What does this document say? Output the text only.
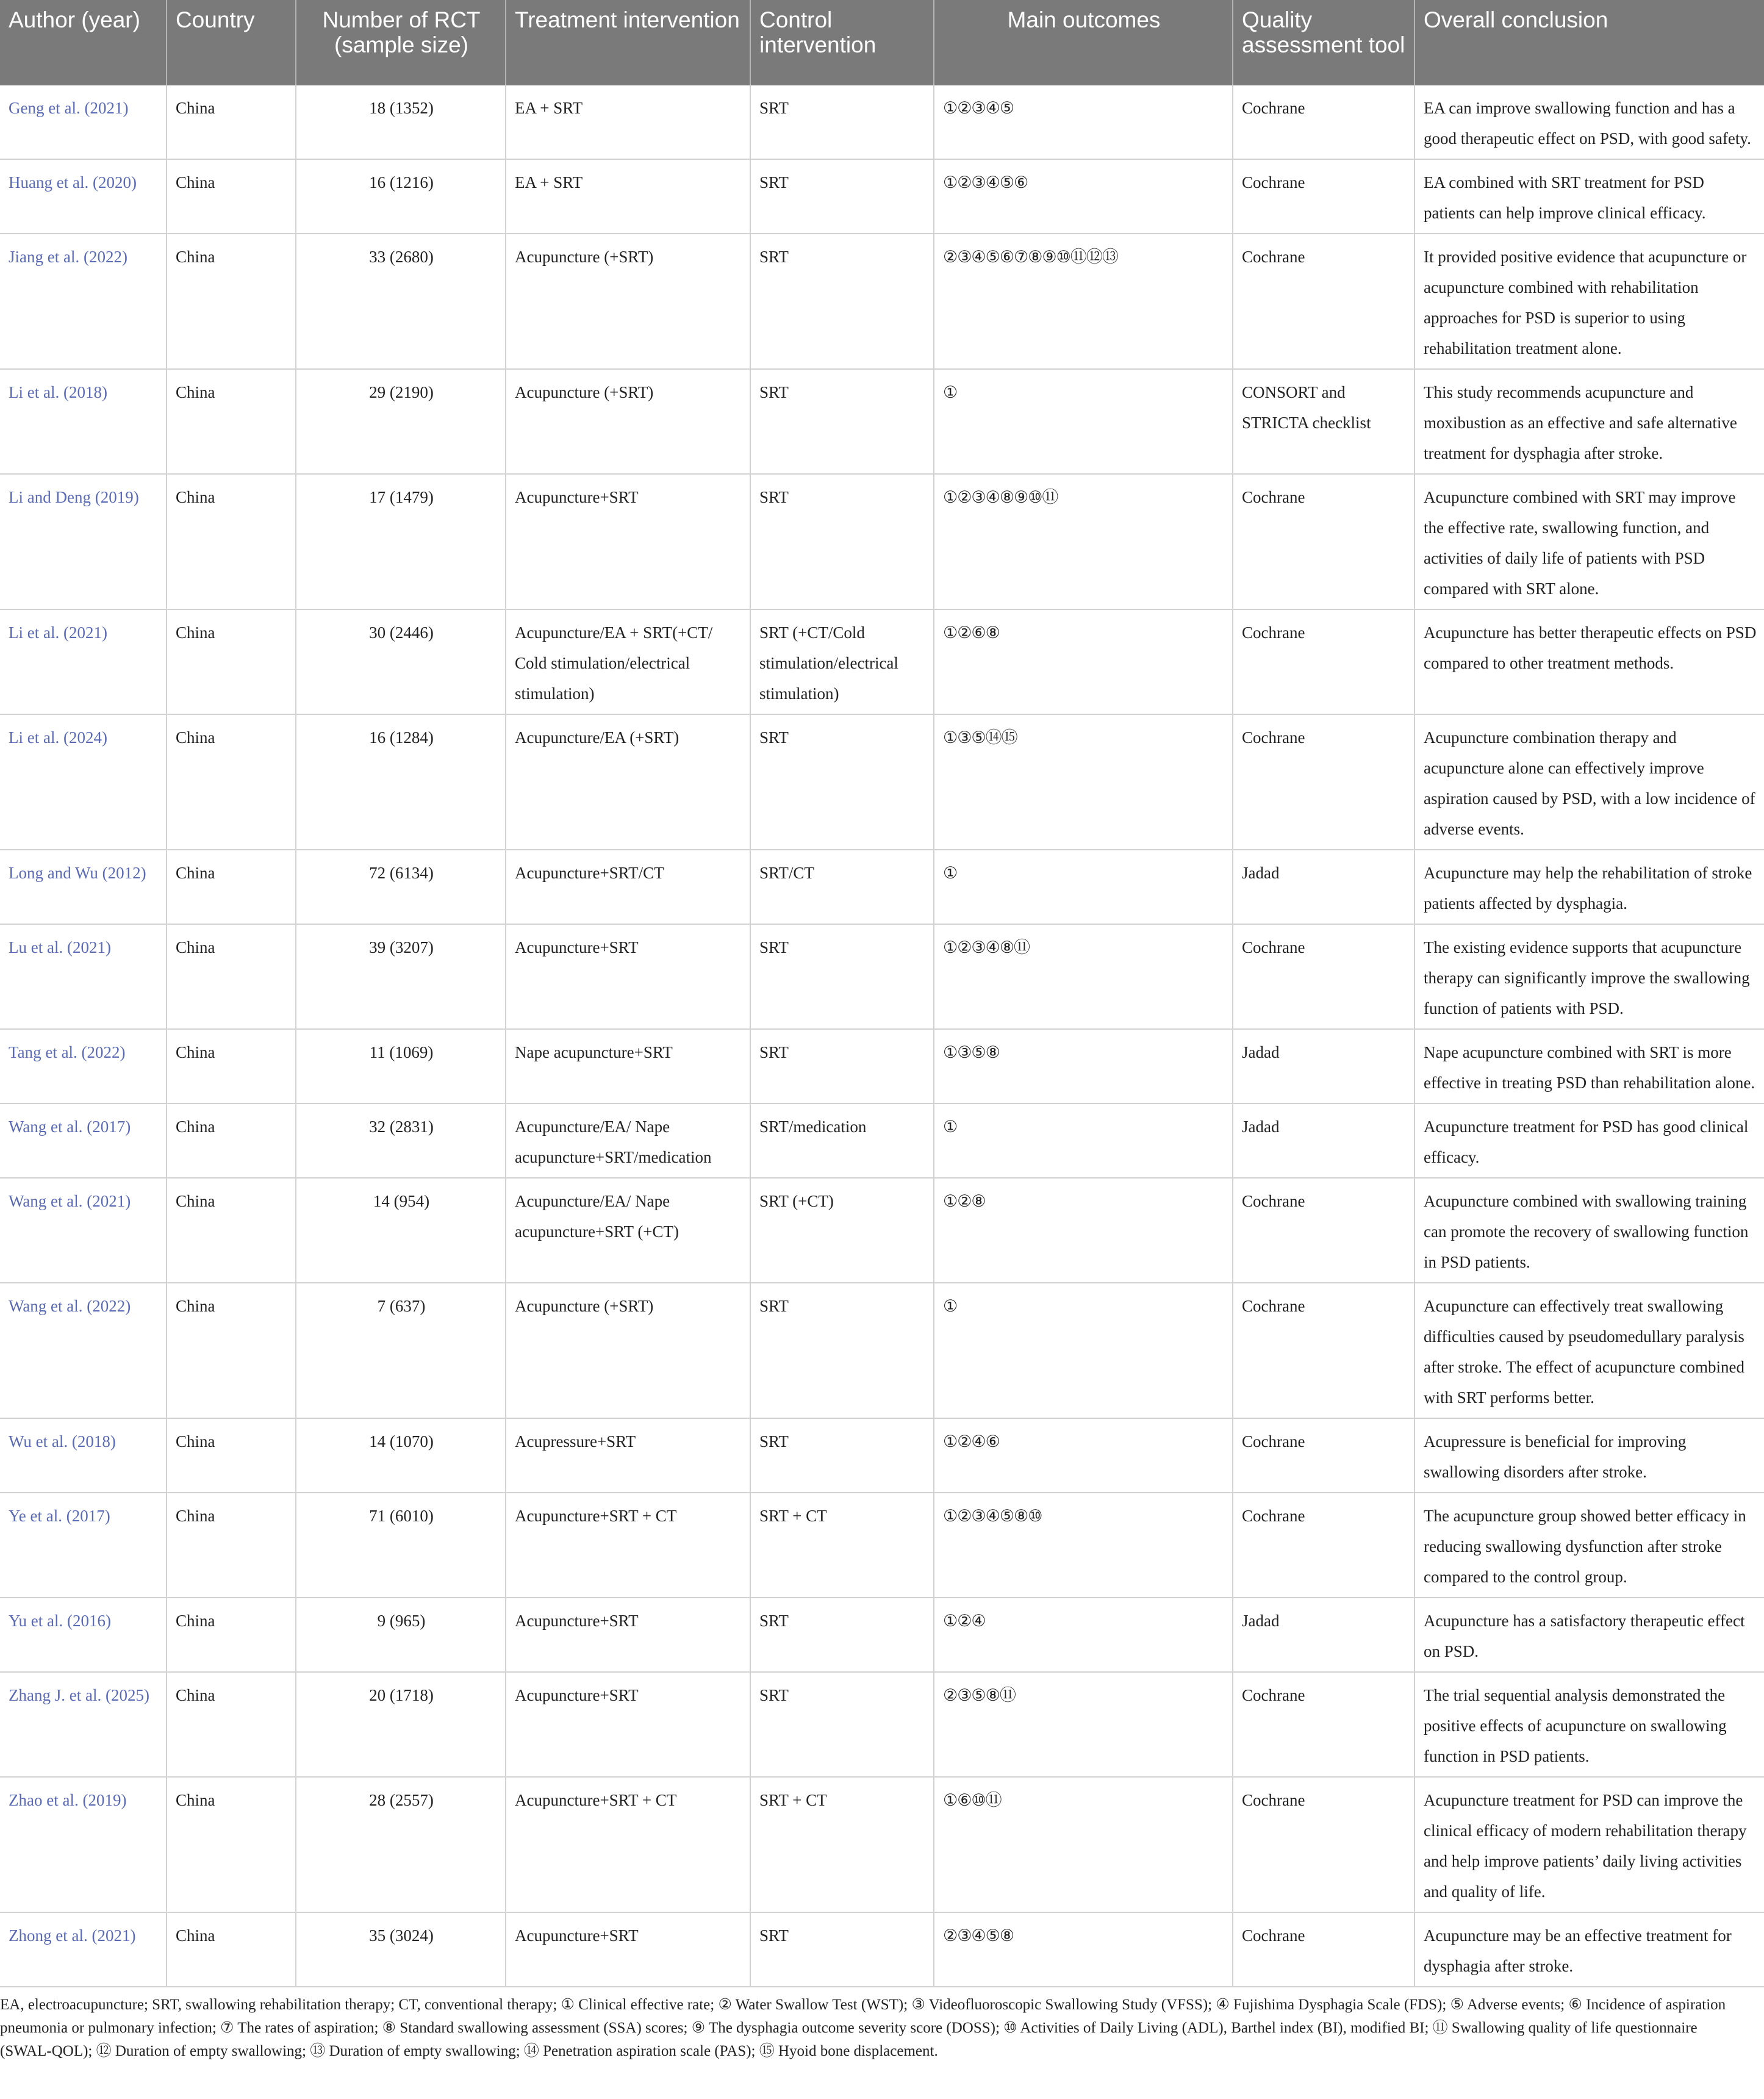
Author (year)	Country	Number of RCT (sample size)	Treatment intervention	Control intervention	Main outcomes	Quality assessment tool	Overall conclusion
Geng et al. (2021)	China	18 (1352)	EA + SRT	SRT	①②③④⑤	Cochrane	EA can improve swallowing function and has a good therapeutic effect on PSD, with good safety.
Huang et al. (2020)	China	16 (1216)	EA + SRT	SRT	①②③④⑤⑥	Cochrane	EA combined with SRT treatment for PSD patients can help improve clinical efficacy.
Jiang et al. (2022)	China	33 (2680)	Acupuncture (+SRT)	SRT	②③④⑤⑥⑦⑧⑨⑩⑪⑫⑬	Cochrane	It provided positive evidence that acupuncture or acupuncture combined with rehabilitation approaches for PSD is superior to using rehabilitation treatment alone.
Li et al. (2018)	China	29 (2190)	Acupuncture (+SRT)	SRT	①	CONSORT and STRICTA checklist	This study recommends acupuncture and moxibustion as an effective and safe alternative treatment for dysphagia after stroke.
Li and Deng (2019)	China	17 (1479)	Acupuncture+SRT	SRT	①②③④⑧⑨⑩⑪	Cochrane	Acupuncture combined with SRT may improve the effective rate, swallowing function, and activities of daily life of patients with PSD compared with SRT alone.
Li et al. (2021)	China	30 (2446)	Acupuncture/EA + SRT(+CT/ Cold stimulation/electrical stimulation)	SRT (+CT/Cold stimulation/electrical stimulation)	①②⑥⑧	Cochrane	Acupuncture has better therapeutic effects on PSD compared to other treatment methods.
Li et al. (2024)	China	16 (1284)	Acupuncture/EA (+SRT)	SRT	①③⑤⑭⑮	Cochrane	Acupuncture combination therapy and acupuncture alone can effectively improve aspiration caused by PSD, with a low incidence of adverse events.
Long and Wu (2012)	China	72 (6134)	Acupuncture+SRT/CT	SRT/CT	①	Jadad	Acupuncture may help the rehabilitation of stroke patients affected by dysphagia.
Lu et al. (2021)	China	39 (3207)	Acupuncture+SRT	SRT	①②③④⑧⑪	Cochrane	The existing evidence supports that acupuncture therapy can significantly improve the swallowing function of patients with PSD.
Tang et al. (2022)	China	11 (1069)	Nape acupuncture+SRT	SRT	①③⑤⑧	Jadad	Nape acupuncture combined with SRT is more effective in treating PSD than rehabilitation alone.
Wang et al. (2017)	China	32 (2831)	Acupuncture/EA/ Nape acupuncture+SRT/medication	SRT/medication	①	Jadad	Acupuncture treatment for PSD has good clinical efficacy.
Wang et al. (2021)	China	14 (954)	Acupuncture/EA/ Nape acupuncture+SRT (+CT)	SRT (+CT)	①②⑧	Cochrane	Acupuncture combined with swallowing training can promote the recovery of swallowing function in PSD patients.
Wang et al. (2022)	China	7 (637)	Acupuncture (+SRT)	SRT	①	Cochrane	Acupuncture can effectively treat swallowing difficulties caused by pseudomedullary paralysis after stroke. The effect of acupuncture combined with SRT performs better.
Wu et al. (2018)	China	14 (1070)	Acupressure+SRT	SRT	①②④⑥	Cochrane	Acupressure is beneficial for improving swallowing disorders after stroke.
Ye et al. (2017)	China	71 (6010)	Acupuncture+SRT + CT	SRT + CT	①②③④⑤⑧⑩	Cochrane	The acupuncture group showed better efficacy in reducing swallowing dysfunction after stroke compared to the control group.
Yu et al. (2016)	China	9 (965)	Acupuncture+SRT	SRT	①②④	Jadad	Acupuncture has a satisfactory therapeutic effect on PSD.
Zhang J. et al. (2025)	China	20 (1718)	Acupuncture+SRT	SRT	②③⑤⑧⑪	Cochrane	The trial sequential analysis demonstrated the positive effects of acupuncture on swallowing function in PSD patients.
Zhao et al. (2019)	China	28 (2557)	Acupuncture+SRT + CT	SRT + CT	①⑥⑩⑪	Cochrane	Acupuncture treatment for PSD can improve the clinical efficacy of modern rehabilitation therapy and help improve patients’ daily living activities and quality of life.
Zhong et al. (2021)	China	35 (3024)	Acupuncture+SRT	SRT	②③④⑤⑧	Cochrane	Acupuncture may be an effective treatment for dysphagia after stroke.
EA, electroacupuncture; SRT, swallowing rehabilitation therapy; CT, conventional therapy; ① Clinical effective rate; ② Water Swallow Test (WST); ③ Videofluoroscopic Swallowing Study (VFSS); ④ Fujishima Dysphagia Scale (FDS); ⑤ Adverse events; ⑥ Incidence of aspiration pneumonia or pulmonary infection; ⑦ The rates of aspiration; ⑧ Standard swallowing assessment (SSA) scores; ⑨ The dysphagia outcome severity score (DOSS); ⑩ Activities of Daily Living (ADL), Barthel index (BI), modified BI; ⑪ Swallowing quality of life questionnaire (SWAL-QOL); ⑫ Duration of empty swallowing; ⑬ Duration of empty swallowing; ⑭ Penetration aspiration scale (PAS); ⑮ Hyoid bone displacement.
